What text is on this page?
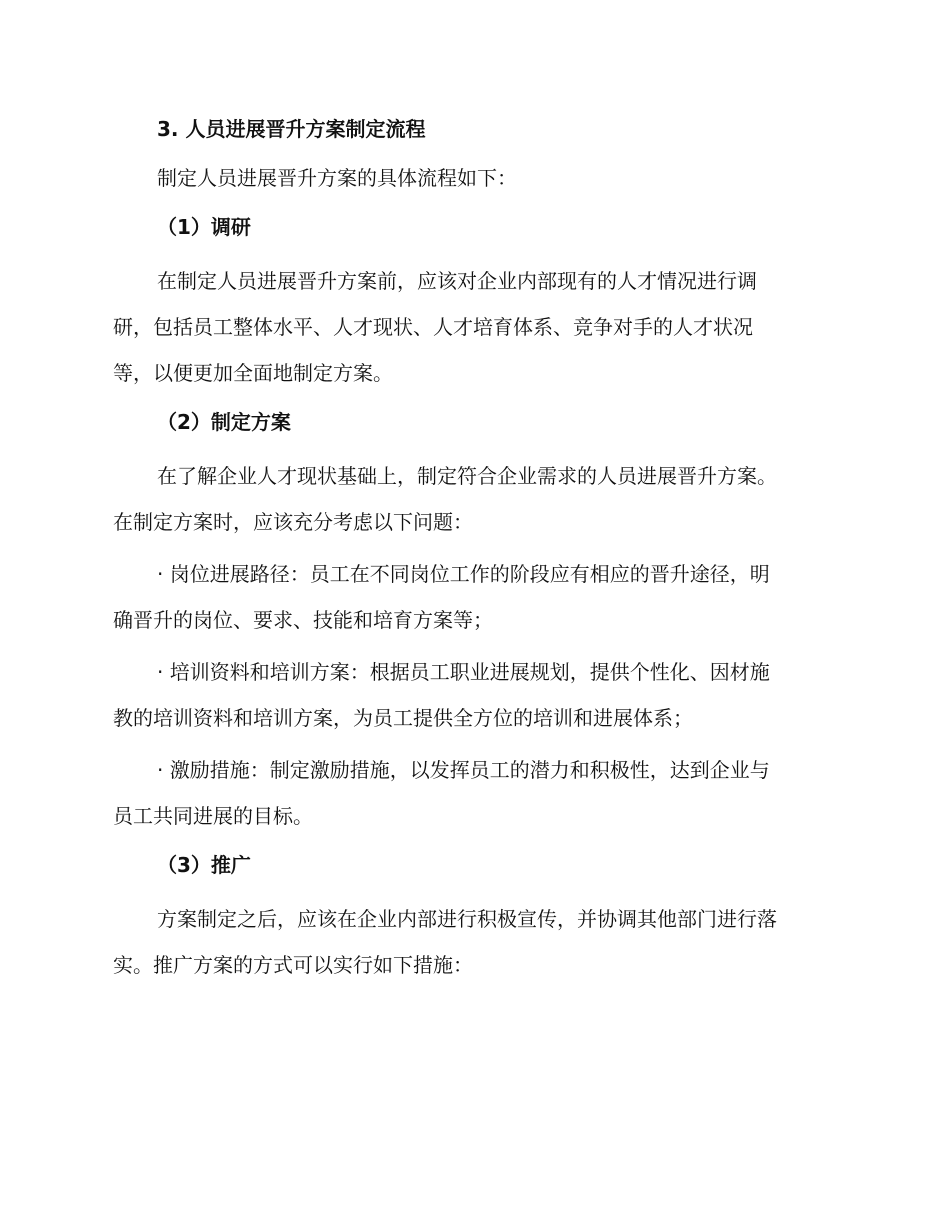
3. 人员进展晋升方案制定流程
制定人员进展晋升方案的具体流程如下：
（1）调研
在制定人员进展晋升方案前，应该对企业内部现有的人才情况进行调
研，包括员工整体水平、人才现状、人才培育体系、竞争对手的人才状况
等，以便更加全面地制定方案。
（2）制定方案
在了解企业人才现状基础上，制定符合企业需求的人员进展晋升方案。
在制定方案时，应该充分考虑以下问题：
· 岗位进展路径：员工在不同岗位工作的阶段应有相应的晋升途径，明
确晋升的岗位、要求、技能和培育方案等；
· 培训资料和培训方案：根据员工职业进展规划，提供个性化、因材施
教的培训资料和培训方案，为员工提供全方位的培训和进展体系；
· 激励措施：制定激励措施，以发挥员工的潜力和积极性，达到企业与
员工共同进展的目标。
（3）推广
方案制定之后，应该在企业内部进行积极宣传，并协调其他部门进行落
实。推广方案的方式可以实行如下措施：
